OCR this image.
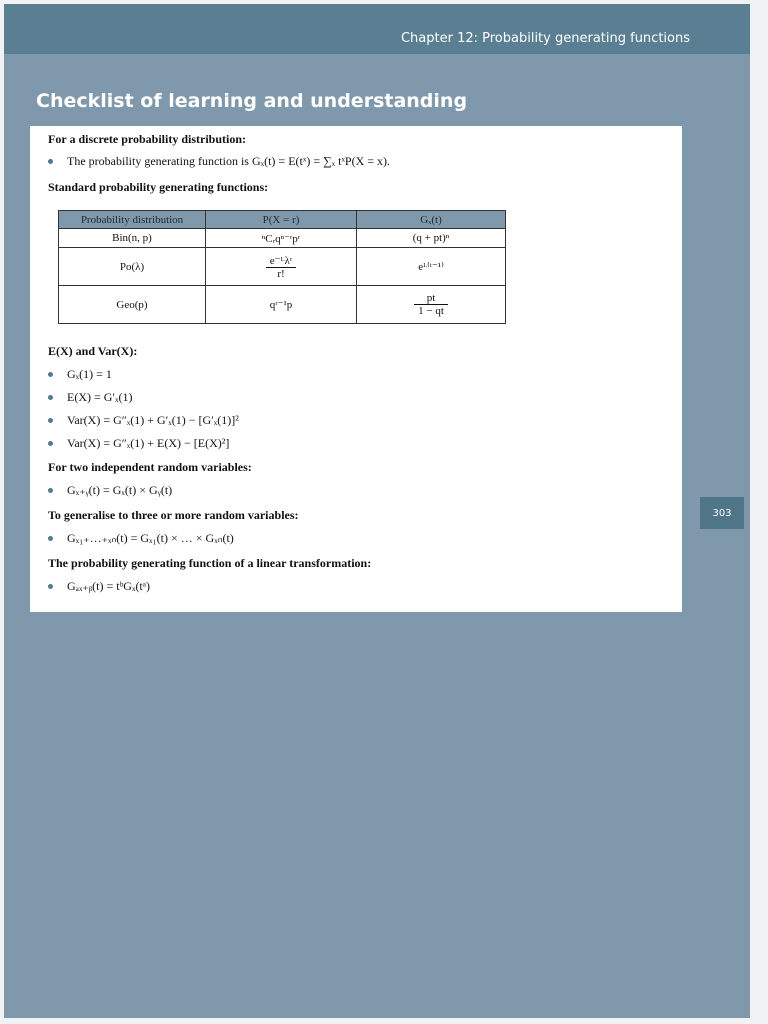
Chapter 12: Probability generating functions
303
Checklist of learning and understanding
For a discrete probability distribution:
The probability generating function is Gₓ(t) = E(tˣ) = ∑ₓ tˣP(X = x).
Standard probability generating functions:
Probability distribution	P(X = r)	Gₓ(t)
Bin(n, p)	ⁿCᵣqⁿ⁻ʳpʳ	(q + pt)ⁿ
Po(λ)	$\frac{\text{e⁻ᴸλʳ}}{r!}$	eᴸ⁽ᵗ⁻¹⁾
Geo(p)	qʳ⁻¹p	$\frac{pt}{1 - qt}$
E(X) and Var(X):
Gₓ(1) = 1
E(X) = G′ₓ(1)
Var(X) = G″ₓ(1) + G′ₓ(1) − [G′ₓ(1)]²
Var(X) = G″ₓ(1) + E(X) − [E(X)²]
For two independent random variables:
Gₓ₊ᵧ(t) = Gₓ(t) × Gᵧ(t)
To generalise to three or more random variables:
Gₓ₁₊…₊ₓₙ(t) = Gₓ₁(t) × … × Gₓₙ(t)
The probability generating function of a linear transformation:
Gₐₓ₊ᵦ(t) = tᵇGₓ(tᵃ)
